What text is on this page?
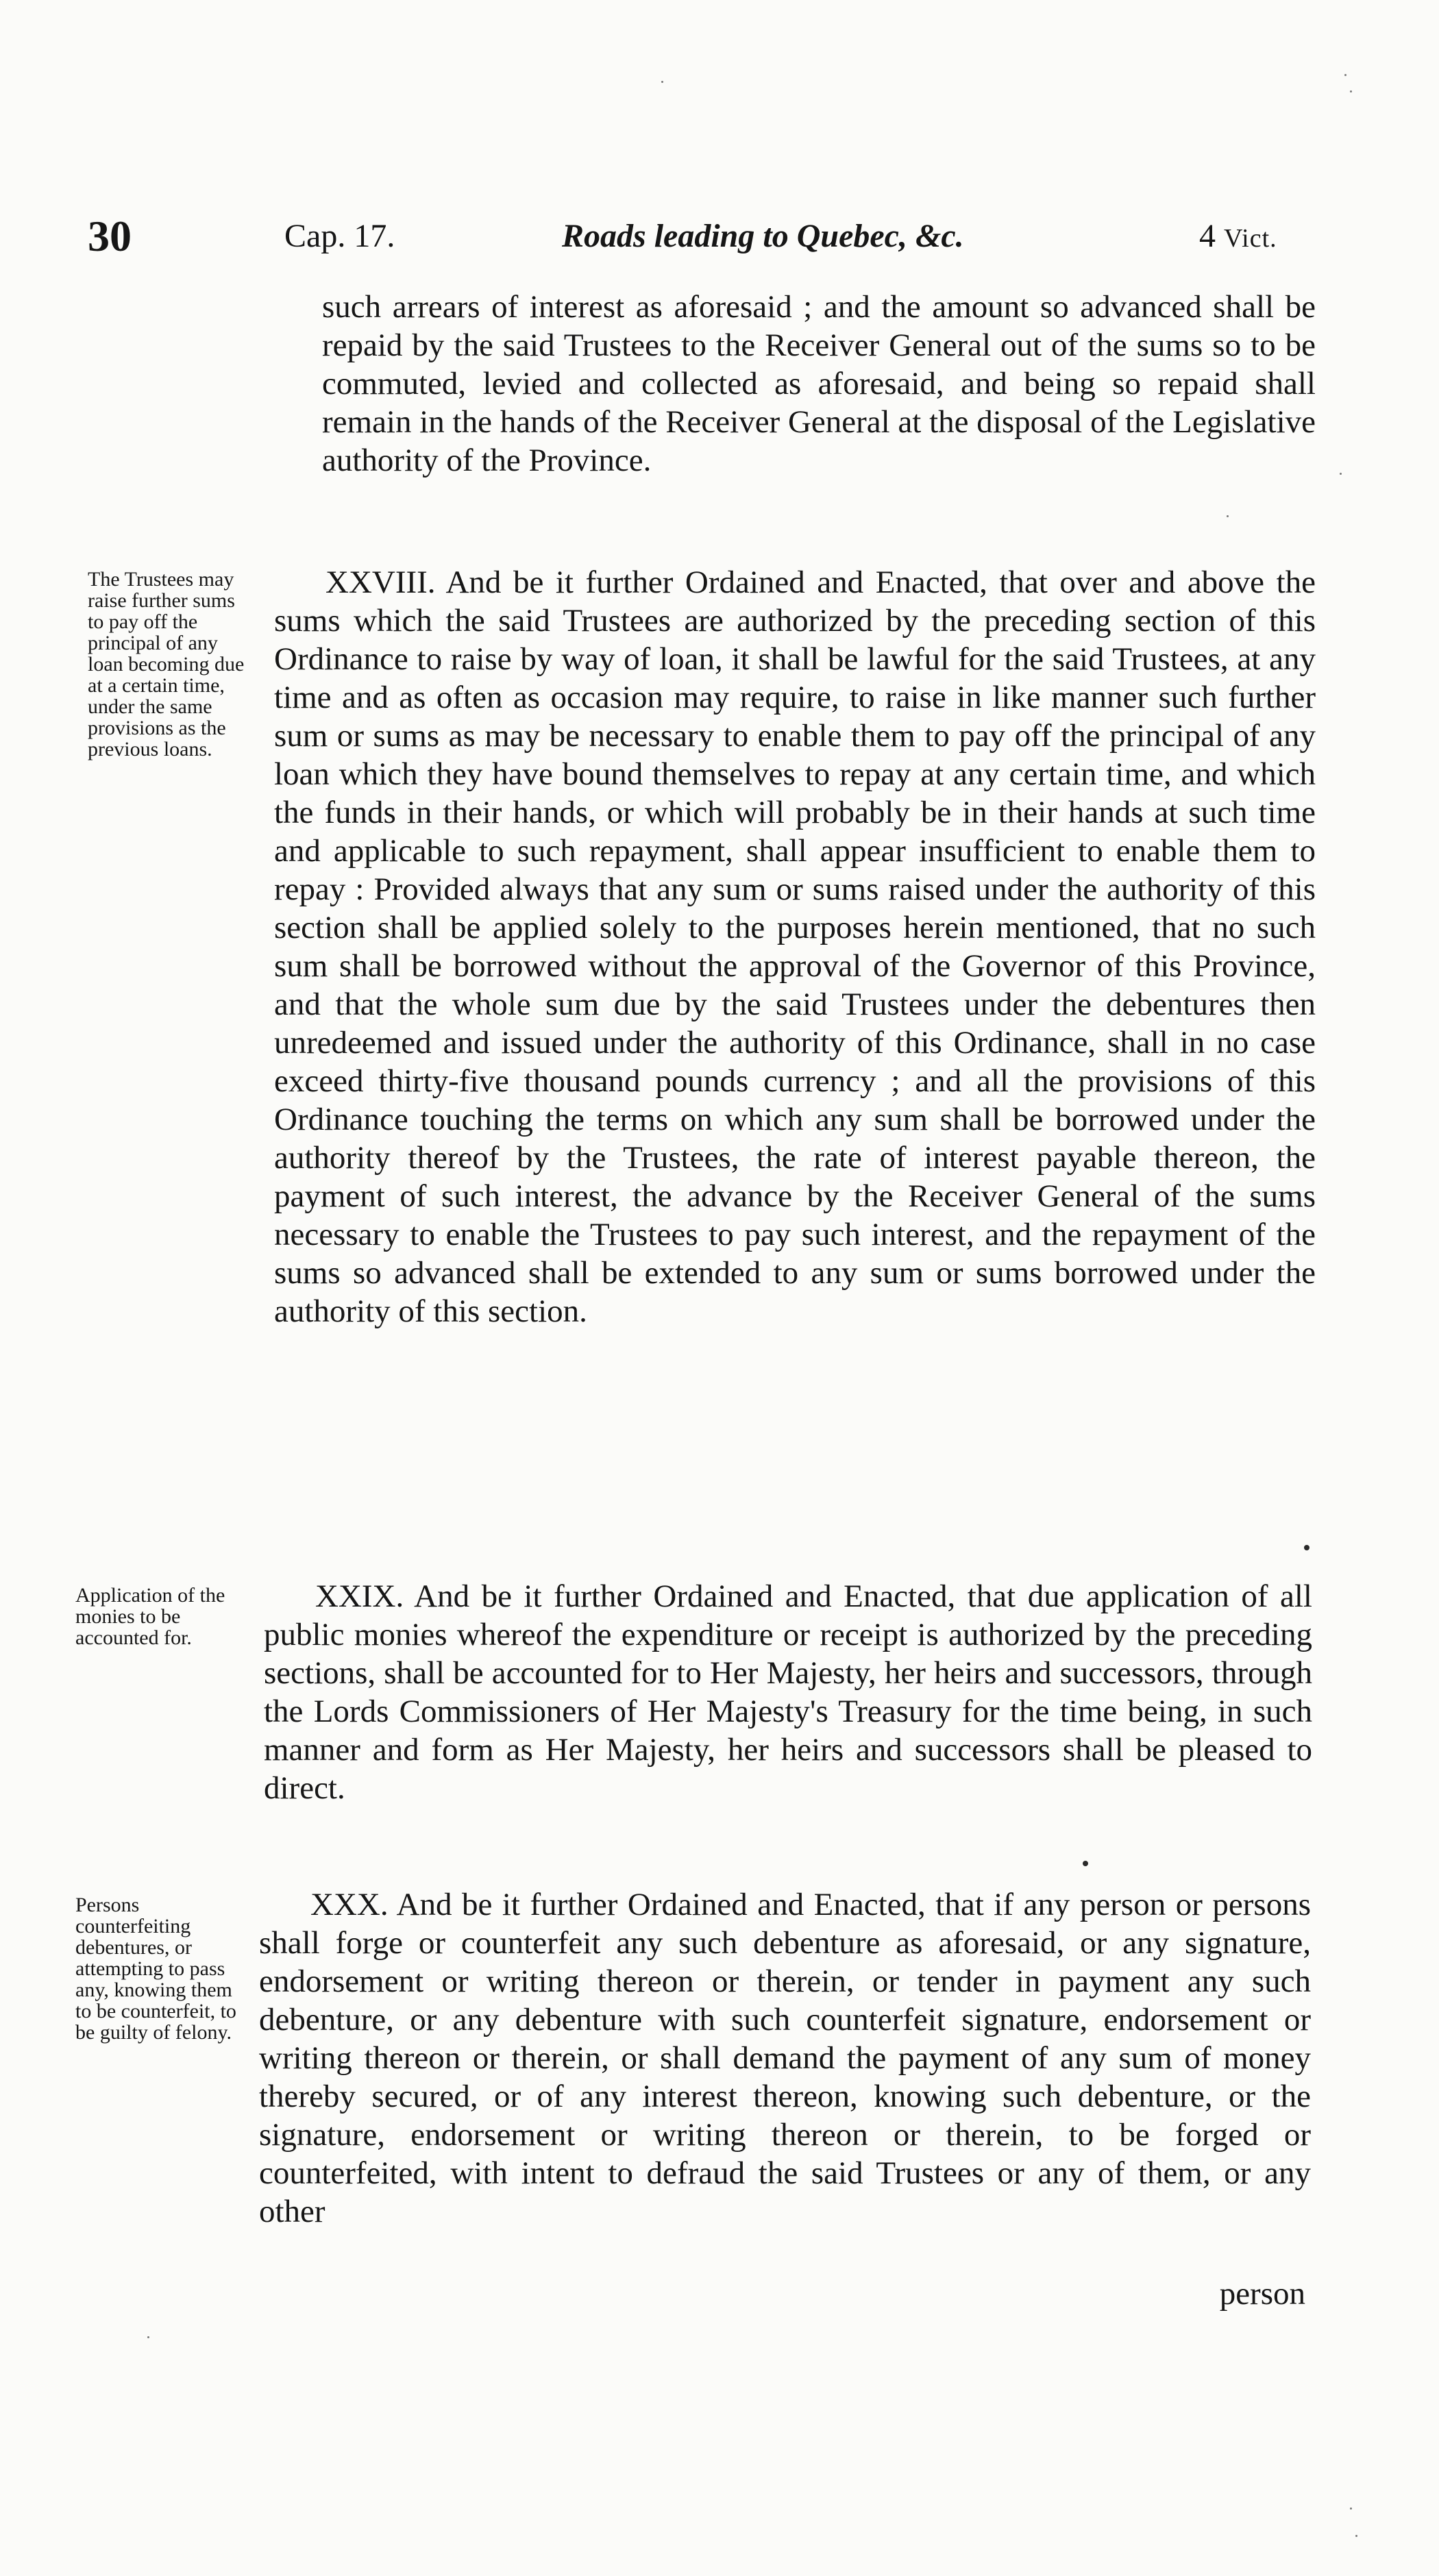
30	Cap. 17.	Roads leading to Quebec, &c.	4 Vict.

such arrears of interest as aforesaid ; and the amount so advanced shall be repaid by the said Trustees to the Receiver General out of the sums so to be commuted, levied and collected as aforesaid, and being so repaid shall remain in the hands of the Receiver General at the disposal of the Legislative authority of the Province.

The Trustees may raise further sums to pay off the principal of any loan becoming due at a certain time, under the same provisions as the previous loans.

XXVIII. And be it further Ordained and Enacted, that over and above the sums which the said Trustees are authorized by the preceding section of this Ordinance to raise by way of loan, it shall be lawful for the said Trustees, at any time and as often as occasion may require, to raise in like manner such further sum or sums as may be necessary to enable them to pay off the principal of any loan which they have bound themselves to repay at any certain time, and which the funds in their hands, or which will probably be in their hands at such time and applicable to such repayment, shall appear insufficient to enable them to repay : Provided always that any sum or sums raised under the authority of this section shall be applied solely to the purposes herein mentioned, that no such sum shall be borrowed without the approval of the Governor of this Province, and that the whole sum due by the said Trustees under the debentures then unredeemed and issued under the authority of this Ordinance, shall in no case exceed thirty-five thousand pounds currency ; and all the provisions of this Ordinance touching the terms on which any sum shall be borrowed under the authority thereof by the Trustees, the rate of interest payable thereon, the payment of such interest, the advance by the Receiver General of the sums necessary to enable the Trustees to pay such interest, and the repayment of the sums so advanced shall be extended to any sum or sums borrowed under the authority of this section.

Application of the monies to be accounted for.

XXIX. And be it further Ordained and Enacted, that due application of all public monies whereof the expenditure or receipt is authorized by the preceding sections, shall be accounted for to Her Majesty, her heirs and successors, through the Lords Commissioners of Her Majesty's Treasury for the time being, in such manner and form as Her Majesty, her heirs and successors shall be pleased to direct.

Persons counterfeiting debentures, or attempting to pass any, knowing them to be counterfeit, to be guilty of felony.

XXX. And be it further Ordained and Enacted, that if any person or persons shall forge or counterfeit any such debenture as aforesaid, or any signature, endorsement or writing thereon or therein, or tender in payment any such debenture, or any debenture with such counterfeit signature, endorsement or writing thereon or therein, or shall demand the payment of any sum of money thereby secured, or of any interest thereon, knowing such debenture, or the signature, endorsement or writing thereon or therein, to be forged or counterfeited, with intent to defraud the said Trustees or any of them, or any other

person
